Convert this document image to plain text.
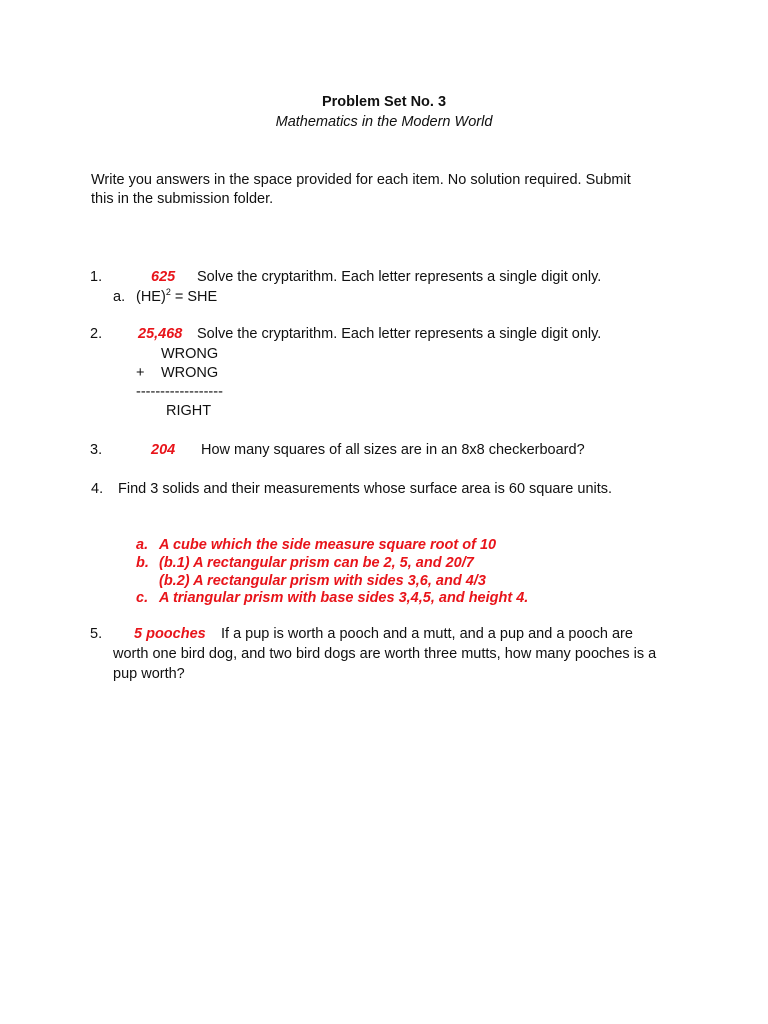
Problem Set No. 3
Mathematics in the Modern World
Write you answers in the space provided for each item. No solution required. Submit
this in the submission folder.
1.	625 Solve the cryptarithm. Each letter represents a single digit only.
a. (HE)$^2$ = SHE
2. 25,468 Solve the cryptarithm. Each letter represents a single digit only.
WRONG
+ WRONG
------------------
RIGHT
3.	204 How many squares of all sizes are in an 8x8 checkerboard?
4. Find 3 solids and their measurements whose surface area is 60 square units.
a. A cube which the side measure square root of 10
b. (b.1) A rectangular prism can be 2, 5, and 20/7
(b.2) A rectangular prism with sides 3,6, and 4/3
c. A triangular prism with base sides 3,4,5, and height 4.
5. 5 pooches If a pup is worth a pooch and a mutt, and a pup and a pooch are
worth one bird dog, and two bird dogs are worth three mutts, how many pooches is a
pup worth?
